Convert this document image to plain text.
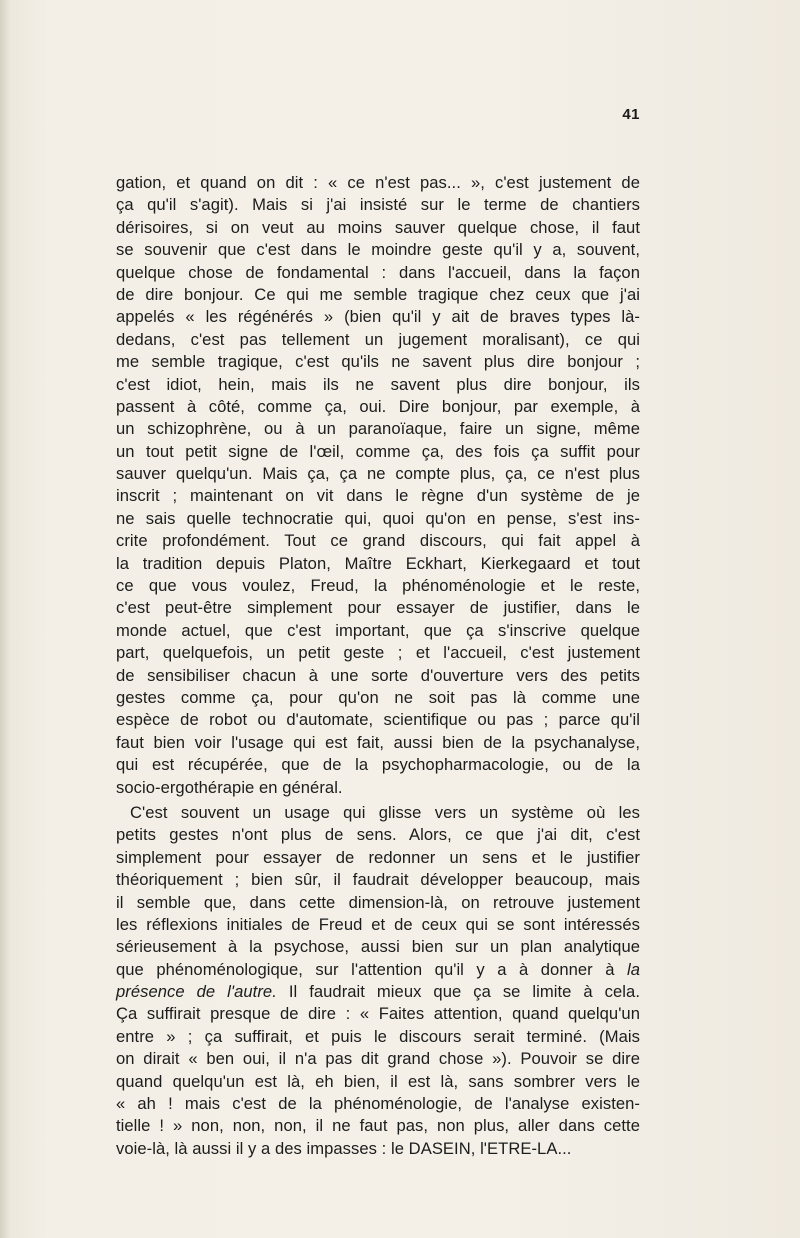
41
gation, et quand on dit : « ce n'est pas... », c'est justement de
ça qu'il s'agit). Mais si j'ai insisté sur le terme de chantiers
dérisoires, si on veut au moins sauver quelque chose, il faut
se souvenir que c'est dans le moindre geste qu'il y a, souvent,
quelque chose de fondamental : dans l'accueil, dans la façon
de dire bonjour. Ce qui me semble tragique chez ceux que j'ai
appelés « les régénérés » (bien qu'il y ait de braves types là-
dedans, c'est pas tellement un jugement moralisant), ce qui
me semble tragique, c'est qu'ils ne savent plus dire bonjour ;
c'est idiot, hein, mais ils ne savent plus dire bonjour, ils
passent à côté, comme ça, oui. Dire bonjour, par exemple, à
un schizophrène, ou à un paranoïaque, faire un signe, même
un tout petit signe de l'œil, comme ça, des fois ça suffit pour
sauver quelqu'un. Mais ça, ça ne compte plus, ça, ce n'est plus
inscrit ; maintenant on vit dans le règne d'un système de je
ne sais quelle technocratie qui, quoi qu'on en pense, s'est ins-
crite profondément. Tout ce grand discours, qui fait appel à
la tradition depuis Platon, Maître Eckhart, Kierkegaard et tout
ce que vous voulez, Freud, la phénoménologie et le reste,
c'est peut-être simplement pour essayer de justifier, dans le
monde actuel, que c'est important, que ça s'inscrive quelque
part, quelquefois, un petit geste ; et l'accueil, c'est justement
de sensibiliser chacun à une sorte d'ouverture vers des petits
gestes comme ça, pour qu'on ne soit pas là comme une
espèce de robot ou d'automate, scientifique ou pas ; parce qu'il
faut bien voir l'usage qui est fait, aussi bien de la psychanalyse,
qui est récupérée, que de la psychopharmacologie, ou de la
socio-ergothérapie en général.
C'est souvent un usage qui glisse vers un système où les
petits gestes n'ont plus de sens. Alors, ce que j'ai dit, c'est
simplement pour essayer de redonner un sens et le justifier
théoriquement ; bien sûr, il faudrait développer beaucoup, mais
il semble que, dans cette dimension-là, on retrouve justement
les réflexions initiales de Freud et de ceux qui se sont intéressés
sérieusement à la psychose, aussi bien sur un plan analytique
que phénoménologique, sur l'attention qu'il y a à donner à la
présence de l'autre. Il faudrait mieux que ça se limite à cela.
Ça suffirait presque de dire : « Faites attention, quand quelqu'un
entre » ; ça suffirait, et puis le discours serait terminé. (Mais
on dirait « ben oui, il n'a pas dit grand chose »). Pouvoir se dire
quand quelqu'un est là, eh bien, il est là, sans sombrer vers le
« ah ! mais c'est de la phénoménologie, de l'analyse existen-
tielle ! » non, non, non, il ne faut pas, non plus, aller dans cette
voie-là, là aussi il y a des impasses : le DASEIN, l'ETRE-LA...
